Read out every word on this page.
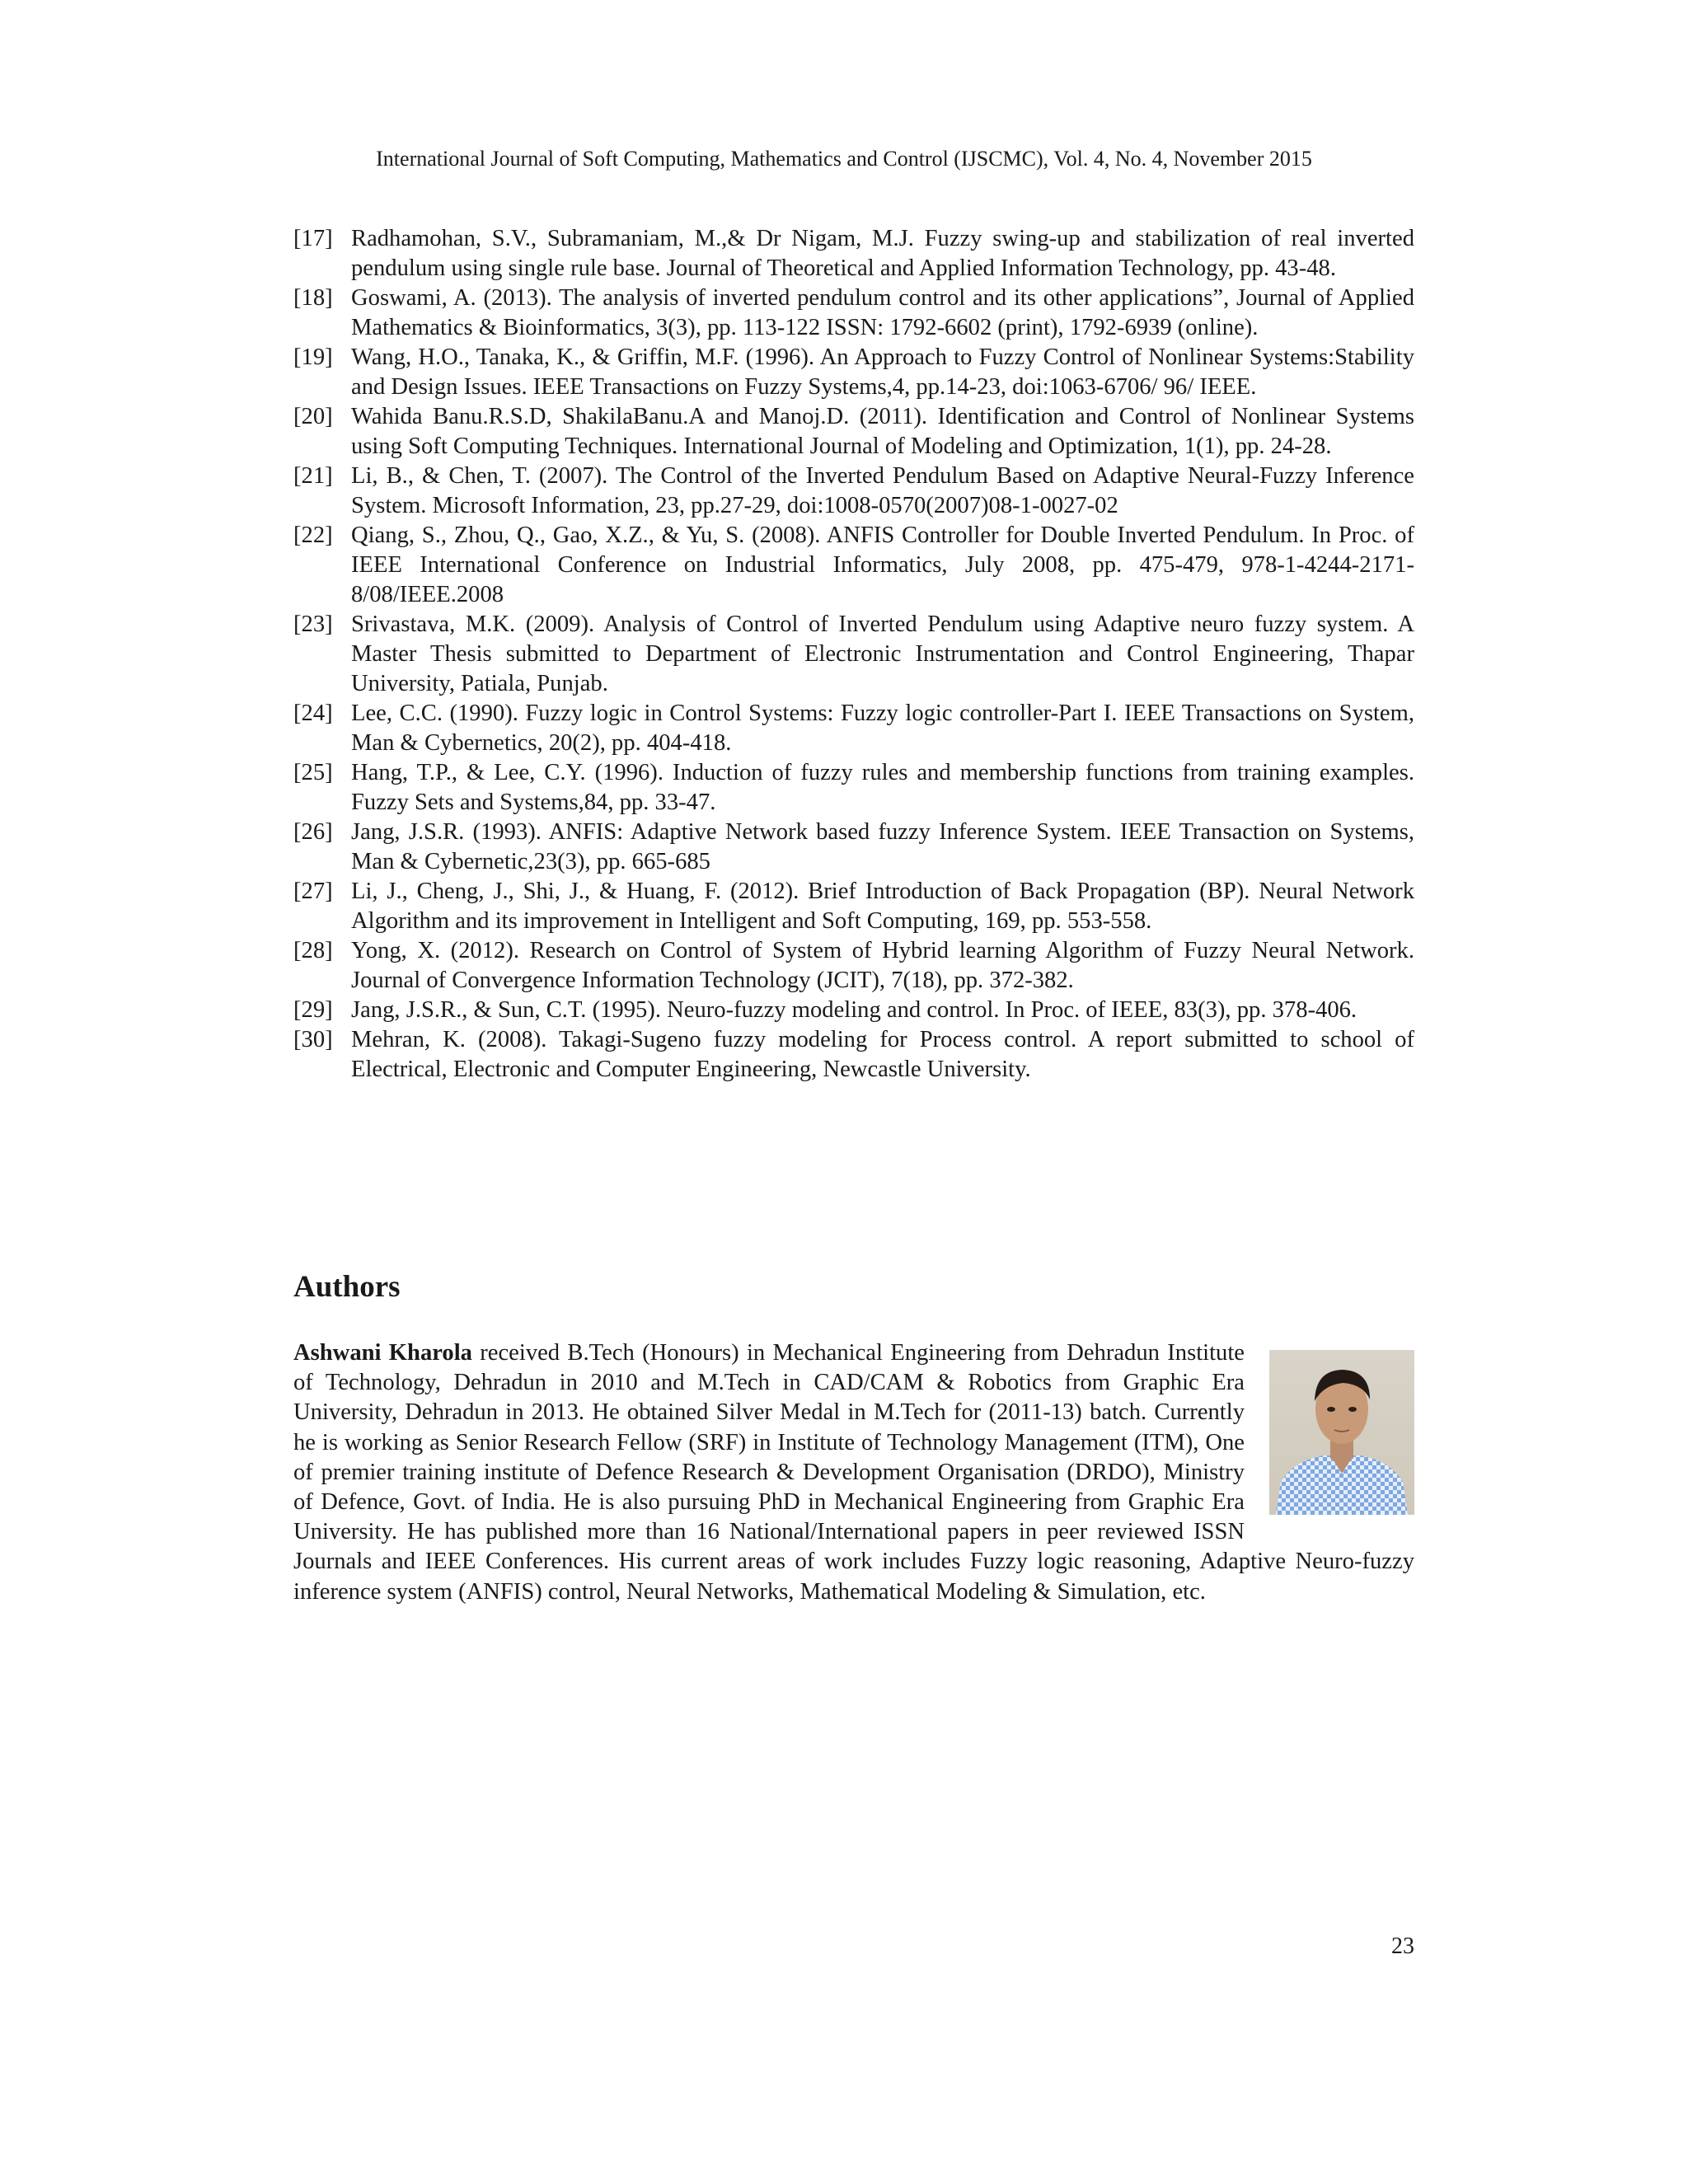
International Journal of Soft Computing, Mathematics and Control (IJSCMC), Vol. 4, No. 4, November 2015
[17] Radhamohan, S.V., Subramaniam, M.,& Dr Nigam, M.J. Fuzzy swing-up and stabilization of real inverted pendulum using single rule base. Journal of Theoretical and Applied Information Technology, pp. 43-48.
[18] Goswami, A. (2013). The analysis of inverted pendulum control and its other applications”, Journal of Applied Mathematics & Bioinformatics, 3(3), pp. 113-122 ISSN: 1792-6602 (print), 1792-6939 (online).
[19] Wang, H.O., Tanaka, K., & Griffin, M.F. (1996). An Approach to Fuzzy Control of Nonlinear Systems:Stability and Design Issues. IEEE Transactions on Fuzzy Systems,4, pp.14-23, doi:1063-6706/ 96/ IEEE.
[20] Wahida Banu.R.S.D, ShakilaBanu.A and Manoj.D. (2011). Identification and Control of Nonlinear Systems using Soft Computing Techniques. International Journal of Modeling and Optimization, 1(1), pp. 24-28.
[21] Li, B., & Chen, T. (2007). The Control of the Inverted Pendulum Based on Adaptive Neural-Fuzzy Inference System. Microsoft Information, 23, pp.27-29, doi:1008-0570(2007)08-1-0027-02
[22] Qiang, S., Zhou, Q., Gao, X.Z., & Yu, S. (2008). ANFIS Controller for Double Inverted Pendulum. In Proc. of IEEE International Conference on Industrial Informatics, July 2008, pp. 475-479, 978-1-4244-2171-8/08/IEEE.2008
[23] Srivastava, M.K. (2009). Analysis of Control of Inverted Pendulum using Adaptive neuro fuzzy system. A Master Thesis submitted to Department of Electronic Instrumentation and Control Engineering, Thapar University, Patiala, Punjab.
[24] Lee, C.C. (1990). Fuzzy logic in Control Systems: Fuzzy logic controller-Part I. IEEE Transactions on System, Man & Cybernetics, 20(2), pp. 404-418.
[25] Hang, T.P., & Lee, C.Y. (1996). Induction of fuzzy rules and membership functions from training examples. Fuzzy Sets and Systems,84, pp. 33-47.
[26] Jang, J.S.R. (1993). ANFIS: Adaptive Network based fuzzy Inference System. IEEE Transaction on Systems, Man & Cybernetic,23(3), pp. 665-685
[27] Li, J., Cheng, J., Shi, J., & Huang, F. (2012). Brief Introduction of Back Propagation (BP). Neural Network Algorithm and its improvement in Intelligent and Soft Computing, 169, pp. 553-558.
[28] Yong, X. (2012). Research on Control of System of Hybrid learning Algorithm of Fuzzy Neural Network. Journal of Convergence Information Technology (JCIT), 7(18), pp. 372-382.
[29] Jang, J.S.R., & Sun, C.T. (1995). Neuro-fuzzy modeling and control. In Proc. of IEEE, 83(3), pp. 378-406.
[30] Mehran, K. (2008). Takagi-Sugeno fuzzy modeling for Process control. A report submitted to school of Electrical, Electronic and Computer Engineering, Newcastle University.
Authors

Ashwani Kharola received B.Tech (Honours) in Mechanical Engineering from Dehradun Institute of Technology, Dehradun in 2010 and M.Tech in CAD/CAM & Robotics from Graphic Era University, Dehradun in 2013. He obtained Silver Medal in M.Tech for (2011-13) batch. Currently he is working as Senior Research Fellow (SRF) in Institute of Technology Management (ITM), One of premier training institute of Defence Research & Development Organisation (DRDO), Ministry of Defence, Govt. of India. He is also pursuing PhD in Mechanical Engineering from Graphic Era University. He has published more than 16 National/International papers in peer reviewed ISSN Journals and IEEE Conferences. His current areas of work includes Fuzzy logic reasoning, Adaptive Neuro-fuzzy inference system (ANFIS) control, Neural Networks, Mathematical Modeling & Simulation, etc.

23
